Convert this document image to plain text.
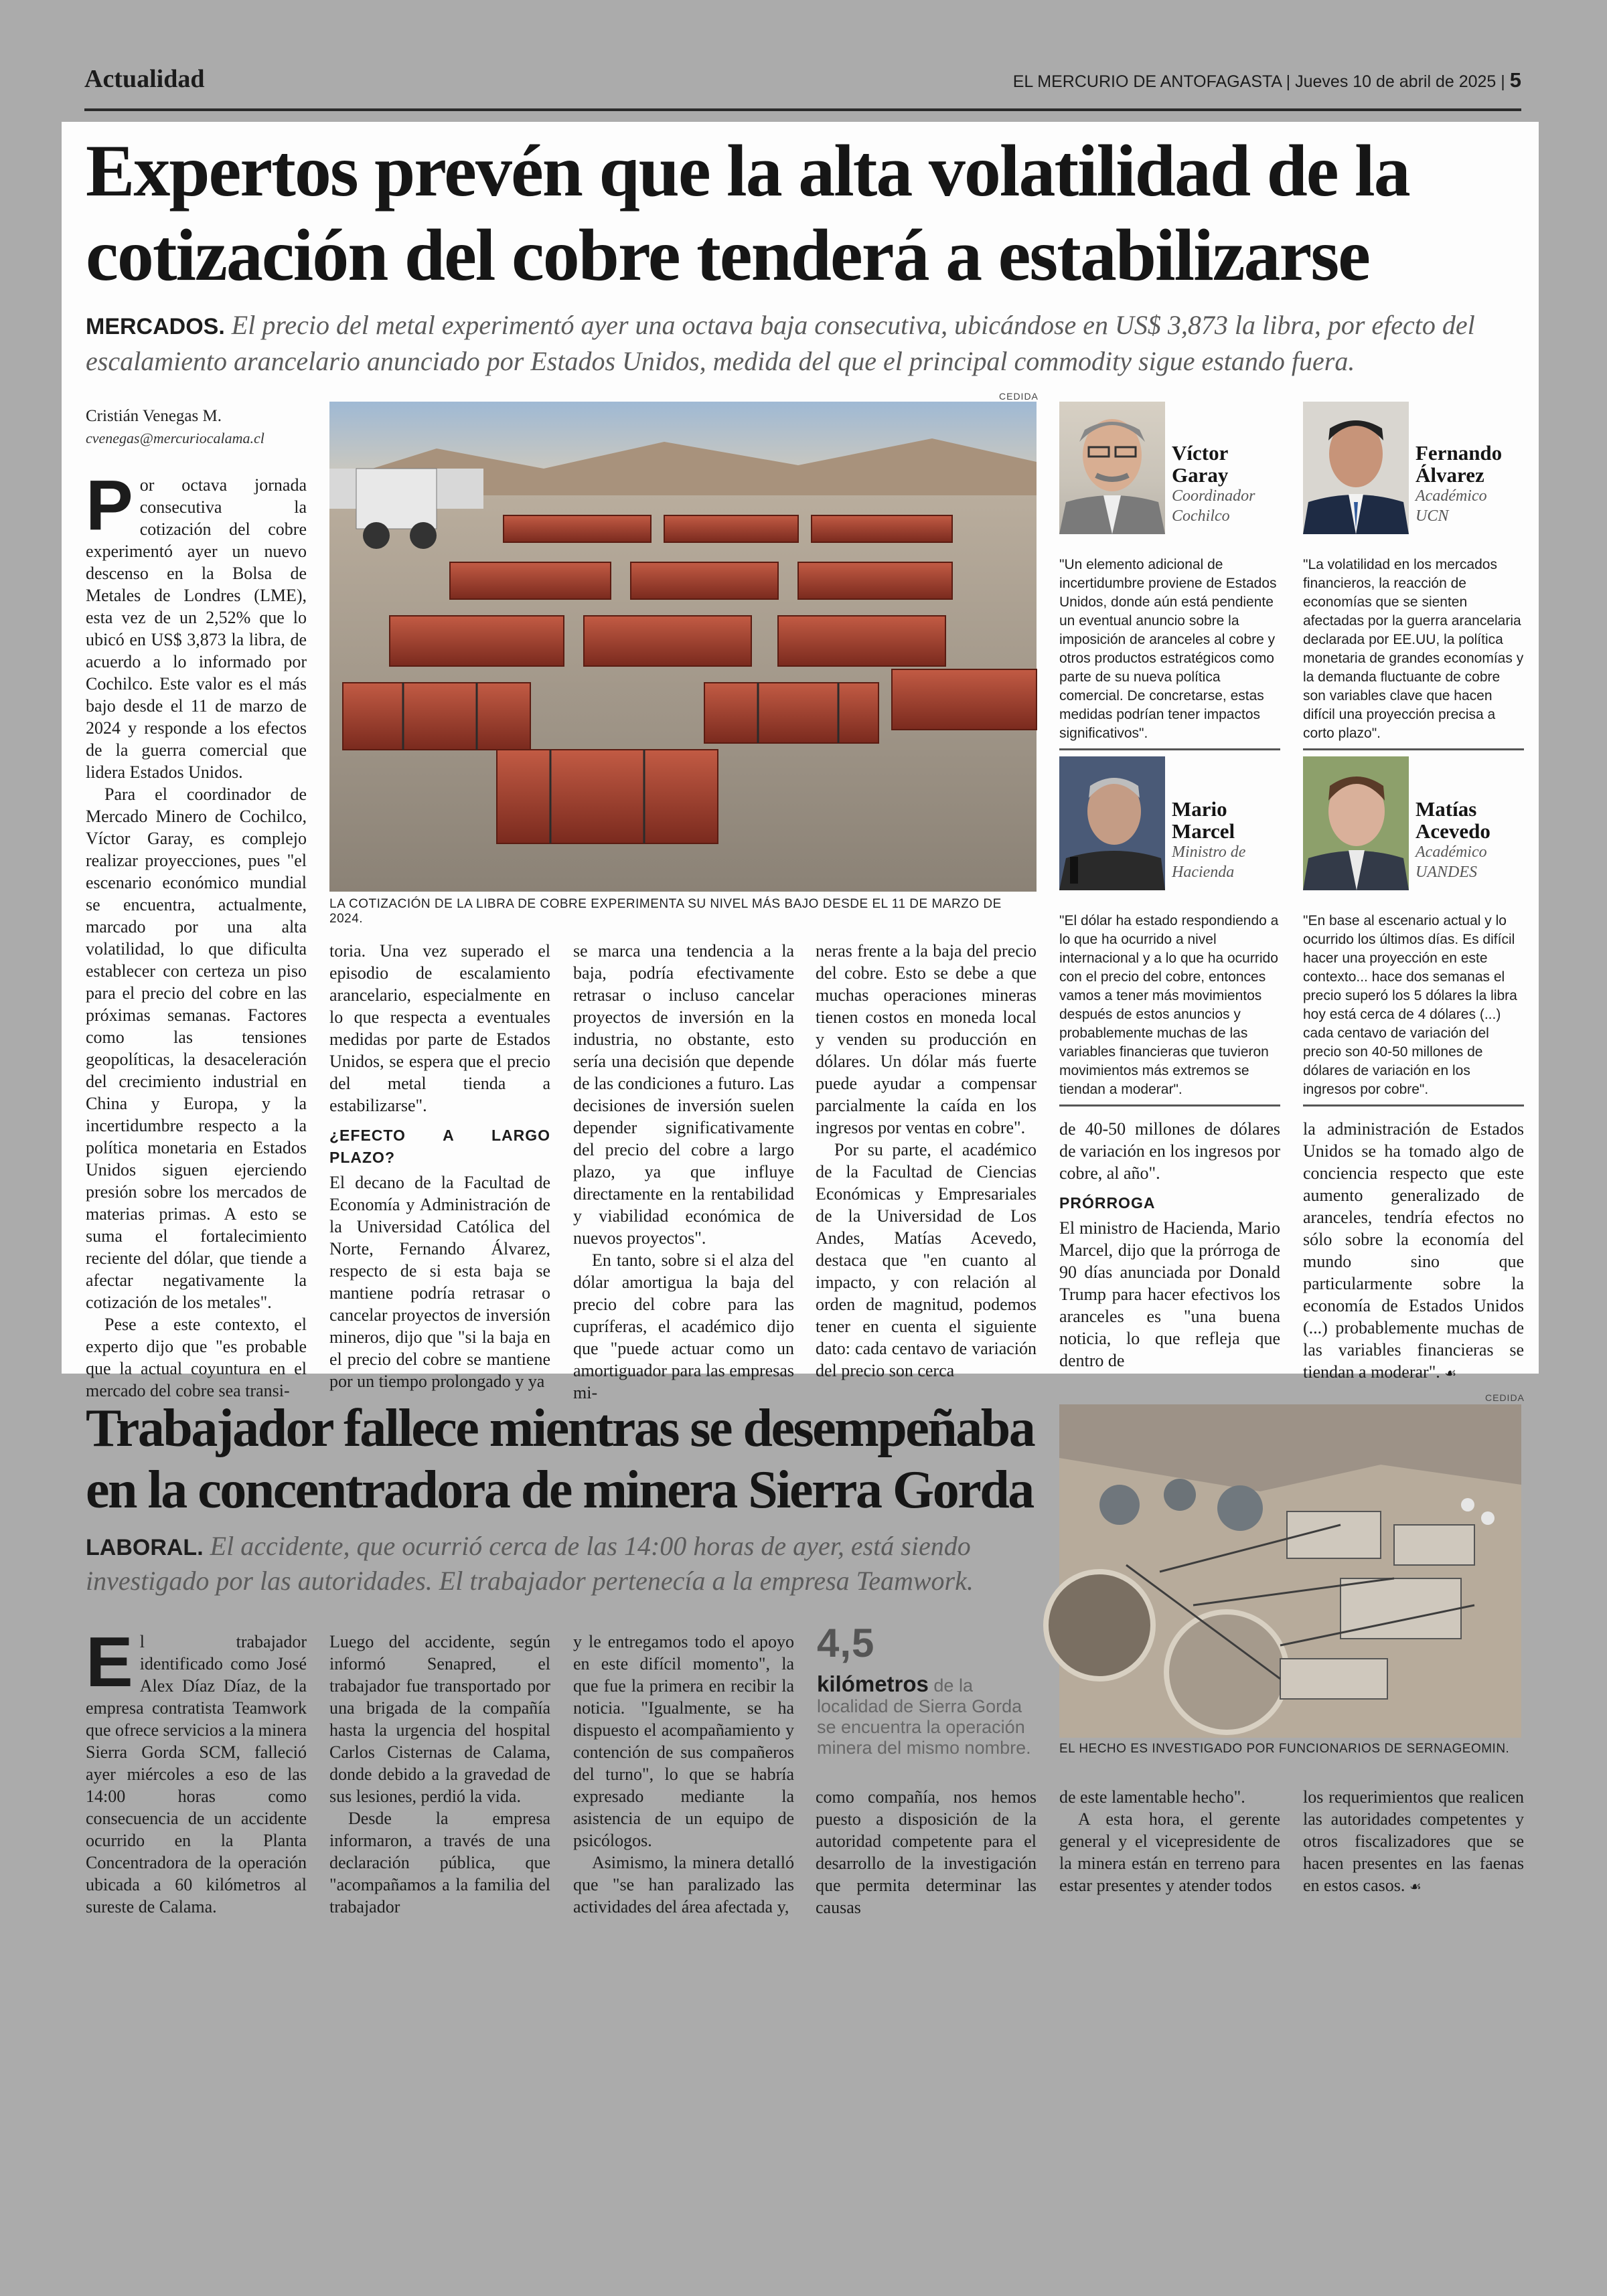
Actualidad	EL MERCURIO DE ANTOFAGASTA | Jueves 10 de abril de 2025 | 5
Expertos prevén que la alta volatilidad de la
cotización del cobre tenderá a estabilizarse
MERCADOS. El precio del metal experimentó ayer una octava baja consecutiva, ubicándose en US$ 3,873 la libra, por efecto del escalamiento arancelario anunciado por Estados Unidos, medida del que el principal commodity sigue estando fuera.
Cristián Venegas M.
cvenegas@mercuriocalama.cl
CEDIDA
LA COTIZACIÓN DE LA LIBRA DE COBRE EXPERIMENTA SU NIVEL MÁS BAJO DESDE EL 11 DE MARZO DE 2024.
P or octava jornada consecutiva la cotización del cobre experimentó ayer un nuevo descenso en la Bolsa de Metales de Londres (LME), esta vez de un 2,52% que lo ubicó en US$ 3,873 la libra, de acuerdo a lo informado por Cochilco. Este valor es el más bajo desde el 11 de marzo de 2024 y responde a los efectos de la guerra comercial que lidera Estados Unidos.

Para el coordinador de Mercado Minero de Cochilco, Víctor Garay, es complejo realizar proyecciones, pues "el escenario económico mundial se encuentra, actualmente, marcado por una alta volatilidad, lo que dificulta establecer con certeza un piso para el precio del cobre en las próximas semanas. Factores como las tensiones geopolíticas, la desaceleración del crecimiento industrial en China y Europa, y la incertidumbre respecto a la política monetaria en Estados Unidos siguen ejerciendo presión sobre los mercados de materias primas. A esto se suma el fortalecimiento reciente del dólar, que tiende a afectar negativamente la cotización de los metales".

Pese a este contexto, el experto dijo que "es probable que la actual coyuntura en el mercado del cobre sea transi-

toria. Una vez superado el episodio de escalamiento arancelario, especialmente en lo que respecta a eventuales medidas por parte de Estados Unidos, se espera que el precio del metal tienda a estabilizarse".

¿EFECTO A LARGO PLAZO?

El decano de la Facultad de Economía y Administración de la Universidad Católica del Norte, Fernando Álvarez, respecto de si esta baja se mantiene podría retrasar o cancelar proyectos de inversión mineros, dijo que "si la baja en el precio del cobre se mantiene por un tiempo prolongado y ya

se marca una tendencia a la baja, podría efectivamente retrasar o incluso cancelar proyectos de inversión en la industria, no obstante, esto sería una decisión que depende de las condiciones a futuro. Las decisiones de inversión suelen depender significativamente del precio del cobre a largo plazo, ya que influye directamente en la rentabilidad y viabilidad económica de nuevos proyectos".

En tanto, sobre si el alza del dólar amortigua la baja del precio del cobre para las cupríferas, el académico dijo que "puede actuar como un amortiguador para las empresas mi-

neras frente a la baja del precio del cobre. Esto se debe a que muchas operaciones mineras tienen costos en moneda local y venden su producción en dólares. Un dólar más fuerte puede ayudar a compensar parcialmente la caída en los ingresos por ventas en cobre".

Por su parte, el académico de la Facultad de Ciencias Económicas y Empresariales de la Universidad de Los Andes, Matías Acevedo, destaca que "en cuanto al impacto, y con relación al orden de magnitud, podemos tener en cuenta el siguiente dato: cada centavo de variación del precio son cerca

de 40-50 millones de dólares de variación en los ingresos por cobre, al año".

PRÓRROGA

El ministro de Hacienda, Mario Marcel, dijo que la prórroga de 90 días anunciada por Donald Trump para hacer efectivos los aranceles es "una buena noticia, lo que refleja que dentro de

la administración de Estados Unidos se ha tomado algo de conciencia respecto que este aumento generalizado de aranceles, tendría efectos no sólo sobre la economía del mundo sino que particularmente sobre la economía de Estados Unidos (...) probablemente muchas de las variables financieras se tiendan a moderar". ☙

Víctor
Garay
Coordinador
Cochilco
"Un elemento adicional de incertidumbre proviene de Estados Unidos, donde aún está pendiente un eventual anuncio sobre la imposición de aranceles al cobre y otros productos estratégicos como parte de su nueva política comercial. De concretarse, estas medidas podrían tener impactos significativos".
Fernando
Álvarez
Académico
UCN
"La volatilidad en los mercados financieros, la reacción de economías que se sienten afectadas por la guerra arancelaria declarada por EE.UU, la política monetaria de grandes economías y la demanda fluctuante de cobre son variables clave que hacen difícil una proyección precisa a corto plazo".
Mario
Marcel
Ministro de
Hacienda
"El dólar ha estado respondiendo a lo que ha ocurrido a nivel internacional y a lo que ha ocurrido con el precio del cobre, entonces vamos a tener más movimientos después de estos anuncios y probablemente muchas de las variables financieras que tuvieron movimientos más extremos se tiendan a moderar".
Matías
Acevedo
Académico
UANDES
"En base al escenario actual y lo ocurrido los últimos días. Es difícil hacer una proyección en este contexto... hace dos semanas el precio superó los 5 dólares la libra hoy está cerca de 4 dólares (...) cada centavo de variación del precio son 40-50 millones de dólares de variación en los ingresos por cobre".
Trabajador fallece mientras se desempeñaba
en la concentradora de minera Sierra Gorda
LABORAL. El accidente, que ocurrió cerca de las 14:00 horas de ayer, está siendo investigado por las autoridades. El trabajador pertenecía a la empresa Teamwork.
CEDIDA
EL HECHO ES INVESTIGADO POR FUNCIONARIOS DE SERNAGEOMIN.
E l trabajador identificado como José Alex Díaz Díaz, de la empresa contratista Teamwork que ofrece servicios a la minera Sierra Gorda SCM, falleció ayer miércoles a eso de las 14:00 horas como consecuencia de un accidente ocurrido en la Planta Concentradora de la operación ubicada a 60 kilómetros al sureste de Calama.

Luego del accidente, según informó Senapred, el trabajador fue transportado por una brigada de la compañía hasta la urgencia del hospital Carlos Cisternas de Calama, donde debido a la gravedad de sus lesiones, perdió la vida.

Desde la empresa informaron, a través de una declaración pública, que "acompañamos a la familia del trabajador

y le entregamos todo el apoyo en este difícil momento", la que fue la primera en recibir la noticia. "Igualmente, se ha dispuesto el acompañamiento y contención de sus compañeros del turno", lo que se habría expresado mediante la asistencia de un equipo de psicólogos.

Asimismo, la minera detalló que "se han paralizado las actividades del área afectada y,

4,5
kilómetros de la localidad de Sierra Gorda se encuentra la operación minera del mismo nombre.

como compañía, nos hemos puesto a disposición de la autoridad competente para el desarrollo de la investigación que permita determinar las causas

de este lamentable hecho".

A esta hora, el gerente general y el vicepresidente de la minera están en terreno para estar presentes y atender todos

los requerimientos que realicen las autoridades competentes y otros fiscalizadores que se hacen presentes en las faenas en estos casos. ☙
